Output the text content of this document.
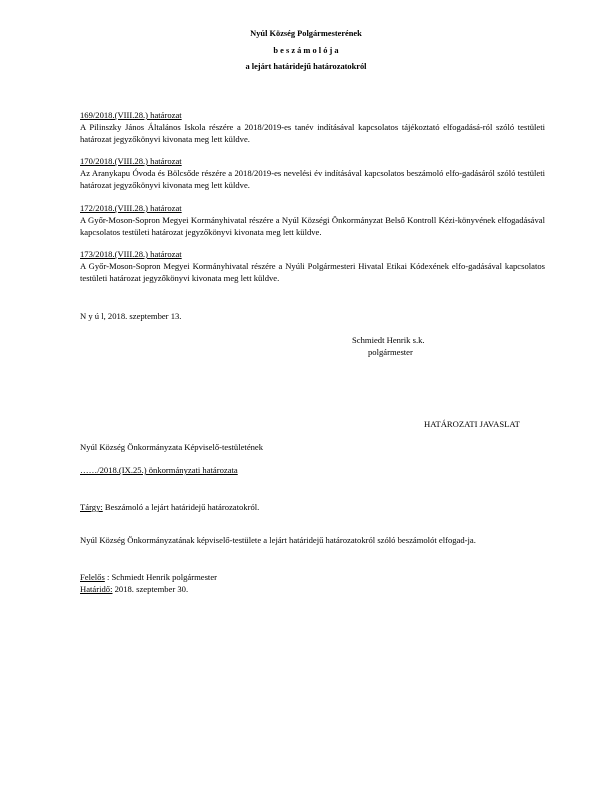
Nyúl Község Polgármesterének
b e s z á m o l ó j a
a lejárt határidejű határozatokról
169/2018.(VIII.28.) határozat
A Pilinszky János Általános Iskola részére a 2018/2019-es tanév indításával kapcsolatos tájékoztató elfogadásá-ról szóló testületi határozat jegyzőkönyvi kivonata meg lett küldve.
170/2018.(VIII.28.) határozat
Az Aranykapu Óvoda és Bölcsőde részére a 2018/2019-es nevelési év indításával kapcsolatos beszámoló elfo-gadásáról szóló testületi határozat jegyzőkönyvi kivonata meg lett küldve.
172/2018.(VIII.28.) határozat
A Győr-Moson-Sopron Megyei Kormányhivatal részére a Nyúl Községi Önkormányzat Belső Kontroll Kézi-könyvének elfogadásával kapcsolatos testületi határozat jegyzőkönyvi kivonata meg lett küldve.
173/2018.(VIII.28.) határozat
A Győr-Moson-Sopron Megyei Kormányhivatal részére a Nyúli Polgármesteri Hivatal Etikai Kódexének elfo-gadásával kapcsolatos testületi határozat jegyzőkönyvi kivonata meg lett küldve.
N y ú l, 2018. szeptember 13.
Schmiedt Henrik s.k.
polgármester
HATÁROZATI JAVASLAT
Nyúl Község Önkormányzata Képviselő-testületének
……/2018.(IX.25.) önkormányzati határozata
Tárgy: Beszámoló a lejárt határidejű határozatokról.
Nyúl Község Önkormányzatának képviselő-testülete a lejárt határidejű határozatokról szóló beszámolót elfogad-ja.
Felelős : Schmiedt Henrik polgármester
Határidő: 2018. szeptember 30.
